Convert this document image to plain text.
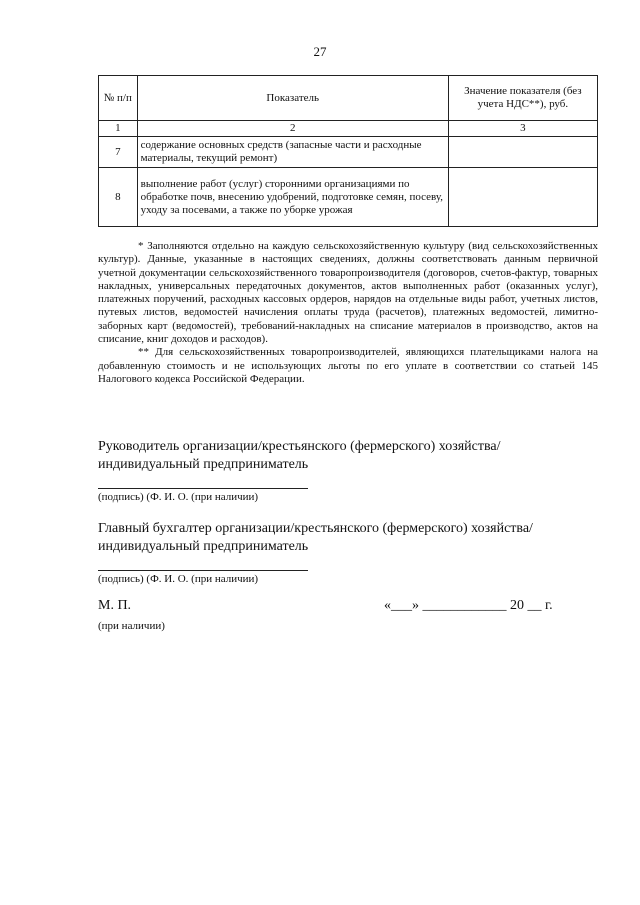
27
№ п/п	Показатель	Значение показателя (без учета НДС**), руб.
1	2	3
7	содержание основных средств (запасные части и расходные материалы, текущий ремонт)	
8	выполнение работ (услуг) сторонними организациями по обработке почв, внесению удобрений, подготовке семян, посеву, уходу за посевами, а также по уборке урожая	

* Заполняются отдельно на каждую сельскохозяйственную культуру (вид сельскохозяйственных культур). Данные, указанные в настоящих сведениях, должны соответствовать данным первичной учетной документации сельскохозяйственного товаропроизводителя (договоров, счетов-фактур, товарных накладных, универсальных передаточных документов, актов выполненных работ (оказанных услуг), платежных поручений, расходных кассовых ордеров, нарядов на отдельные виды работ, учетных листов, путевых листов, ведомостей начисления оплаты труда (расчетов), платежных ведомостей, лимитно-заборных карт (ведомостей), требований-накладных на списание материалов в производство, актов на списание, книг доходов и расходов).

** Для сельскохозяйственных товаропроизводителей, являющихся плательщиками налога на добавленную стоимость и не использующих льготы по его уплате в соответствии со статьей 145 Налогового кодекса Российской Федерации.

Руководитель организации/крестьянского (фермерского) хозяйства/ индивидуальный предприниматель
(подпись) (Ф. И. О. (при наличии)
Главный бухгалтер организации/крестьянского (фермерского) хозяйства/ индивидуальный предприниматель
(подпись) (Ф. И. О. (при наличии)
М. П.
(при наличии)
«___» ____________ 20 __ г.
